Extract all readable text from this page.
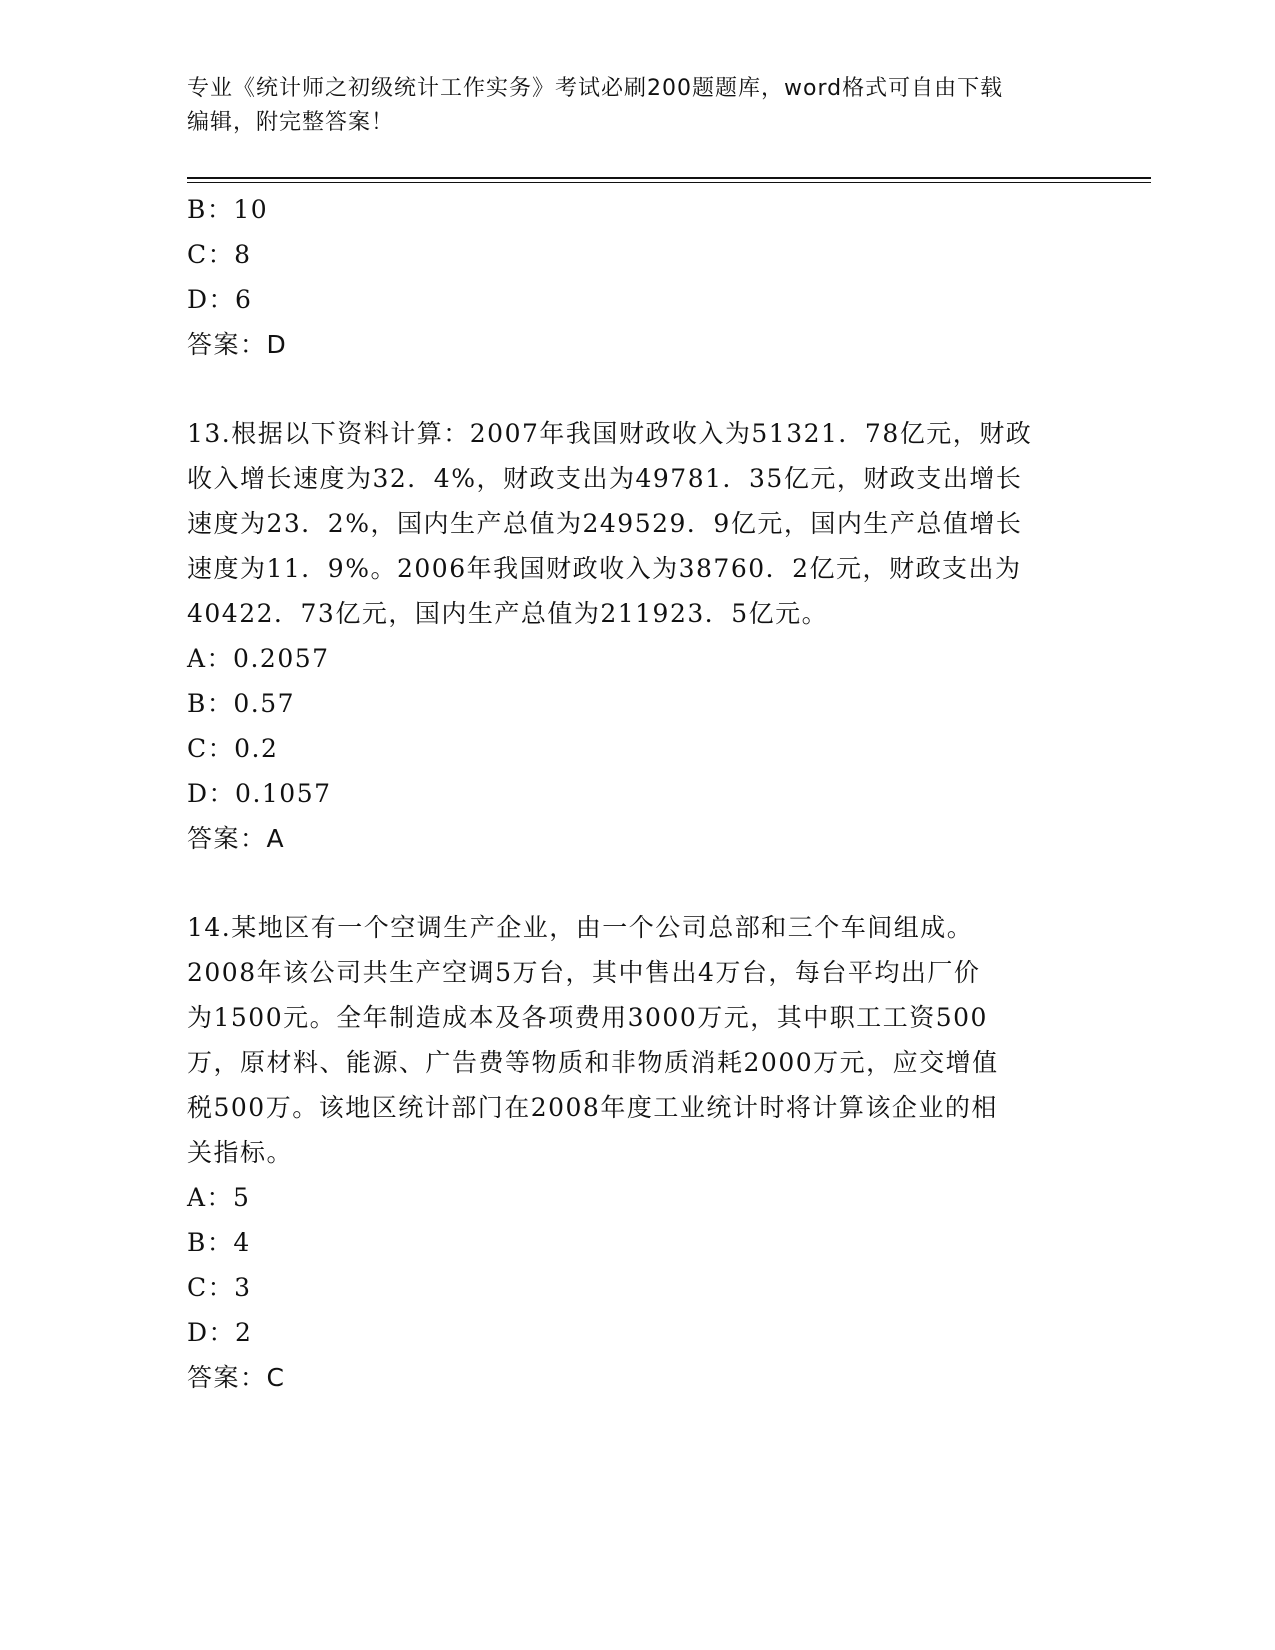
专业《统计师之初级统计工作实务》考试必刷200题题库，word格式可自由下载
编辑，附完整答案！
B：10
C：8
D：6
答案：D
13.根据以下资料计算：2007年我国财政收入为51321．78亿元，财政
收入增长速度为32．4%，财政支出为49781．35亿元，财政支出增长
速度为23．2%，国内生产总值为249529．9亿元，国内生产总值增长
速度为11．9%。2006年我国财政收入为38760．2亿元，财政支出为
40422．73亿元，国内生产总值为211923．5亿元。
A：0.2057
B：0.57
C：0.2
D：0.1057
答案：A
14.某地区有一个空调生产企业，由一个公司总部和三个车间组成。
2008年该公司共生产空调5万台，其中售出4万台，每台平均出厂价
为1500元。全年制造成本及各项费用3000万元，其中职工工资500
万，原材料、能源、广告费等物质和非物质消耗2000万元，应交增值
税500万。该地区统计部门在2008年度工业统计时将计算该企业的相
关指标。
A：5
B：4
C：3
D：2
答案：C
